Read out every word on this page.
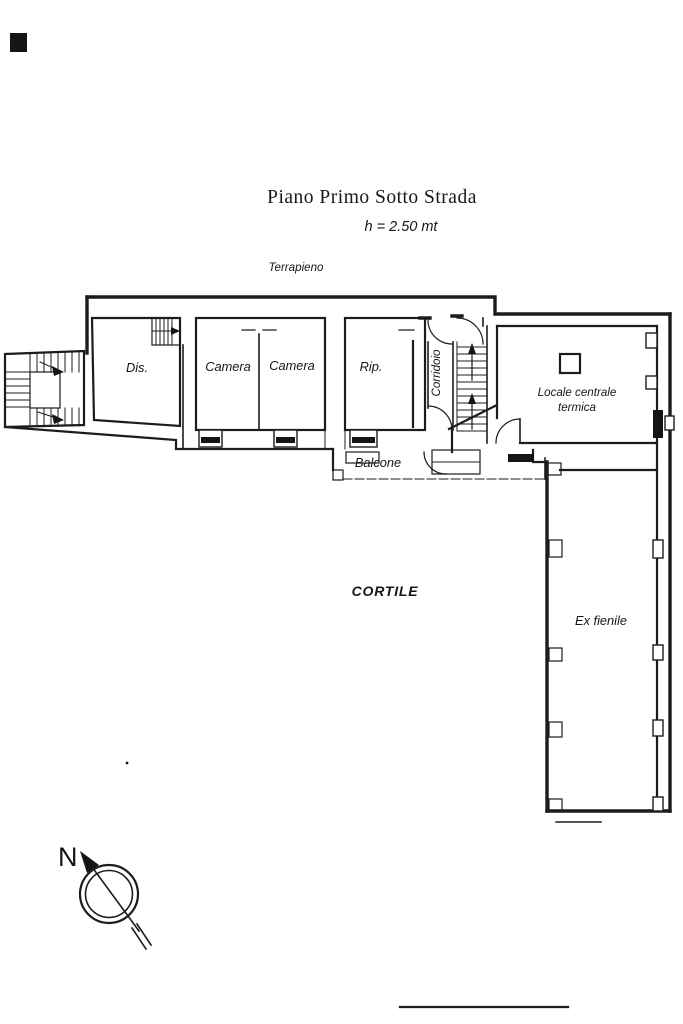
Piano Primo Sotto Strada
h = 2.50 mt
Terrapieno
Dis.	Camera Camera	Rip.	Corridoio	Locale centrale
termica
Balcone
CORTILE
Ex fienile
N
